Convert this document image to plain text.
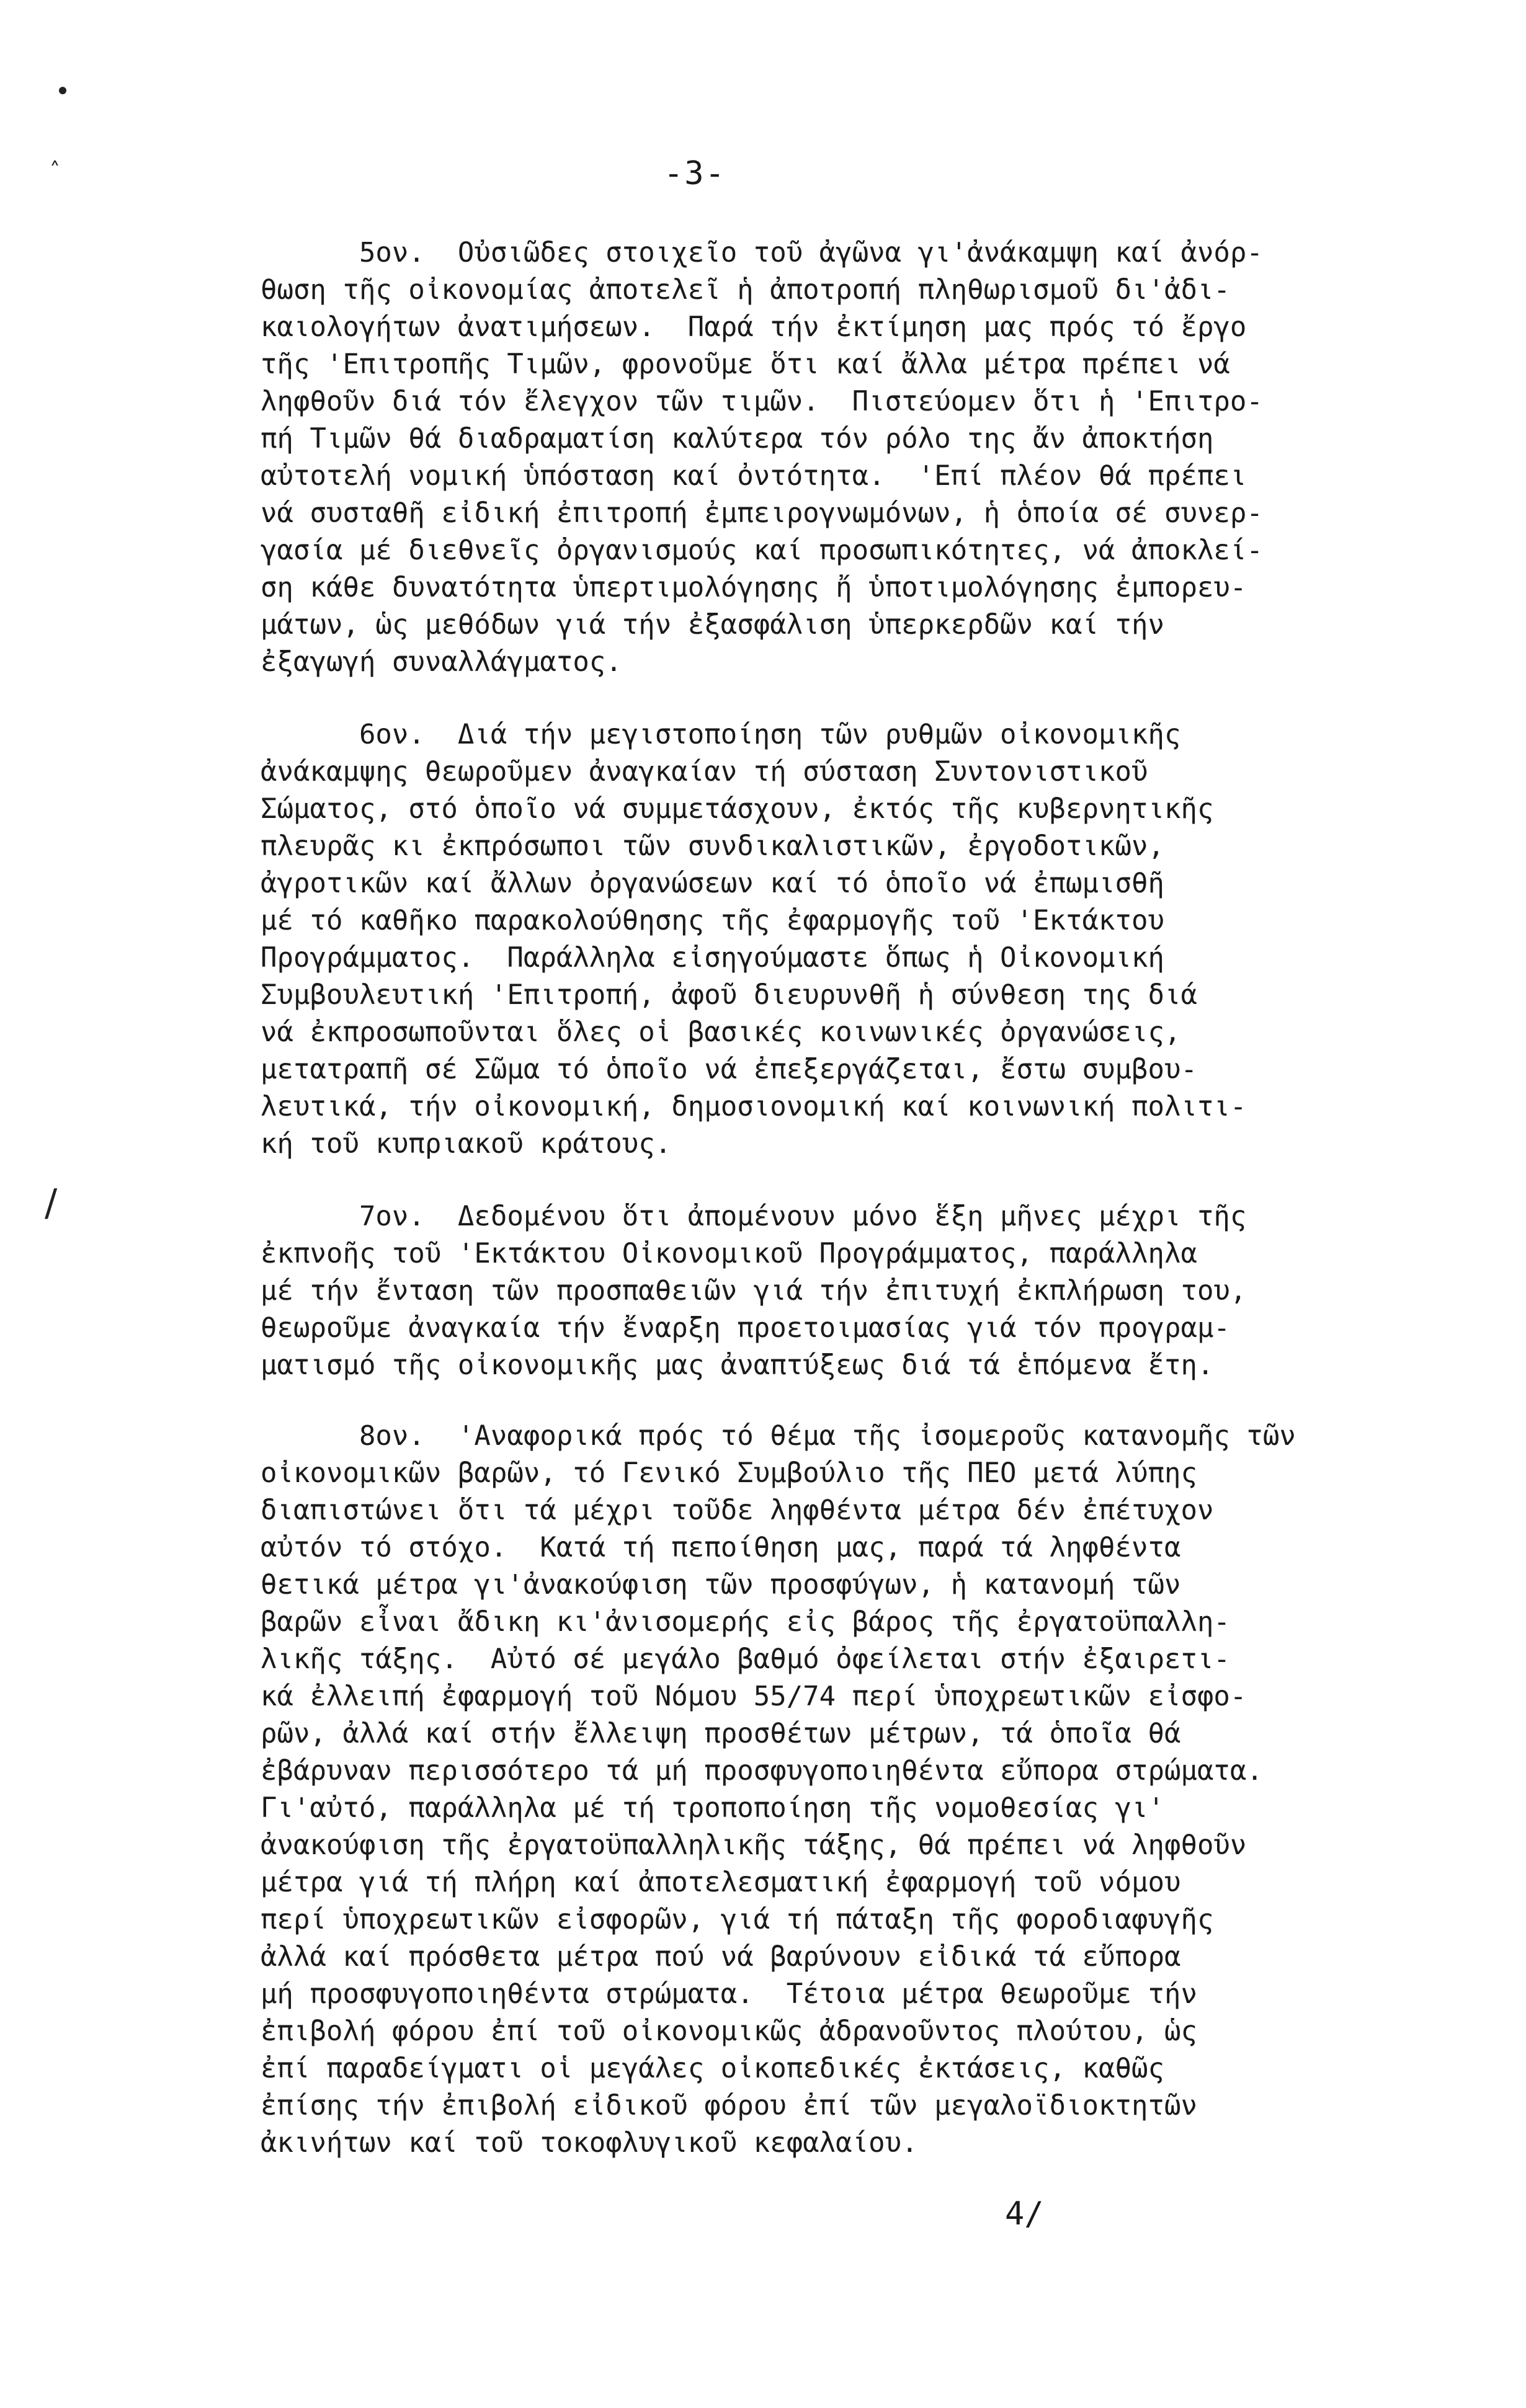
˄
/
-3-
5ον.  Οὐσιῶδες στοιχεῖο τοῦ ἀγῶνα γι'ἀνάκαμψη καί ἀνόρ-
θωση τῆς οἰκονομίας ἀποτελεῖ ἡ ἀποτροπή πληθωρισμοῦ δι'ἀδι-
καιολογήτων ἀνατιμήσεων.  Παρά τήν ἐκτίμηση μας πρός τό ἔργο
τῆς 'Επιτροπῆς Τιμῶν, φρονοῦμε ὅτι καί ἄλλα μέτρα πρέπει νά
ληφθοῦν διά τόν ἔλεγχον τῶν τιμῶν.  Πιστεύομεν ὅτι ἡ 'Επιτρο-
πή Τιμῶν θά διαδραματίση καλύτερα τόν ρόλο της ἄν ἀποκτήση
αὐτοτελή νομική ὑπόσταση καί ὀντότητα.  'Επί πλέον θά πρέπει
νά συσταθῆ εἰδική ἐπιτροπή ἐμπειρογνωμόνων, ἡ ὁποία σέ συνερ-
γασία μέ διεθνεῖς ὀργανισμούς καί προσωπικότητες, νά ἀποκλεί-
ση κάθε δυνατότητα ὑπερτιμολόγησης ἤ ὑποτιμολόγησης ἐμπορευ-
μάτων, ὡς μεθόδων γιά τήν ἐξασφάλιση ὑπερκερδῶν καί τήν
ἐξαγωγή συναλλάγματος.
6ον.  Διά τήν μεγιστοποίηση τῶν ρυθμῶν οἰκονομικῆς
ἀνάκαμψης θεωροῦμεν ἀναγκαίαν τή σύσταση Συντονιστικοῦ
Σώματος, στό ὁποῖο νά συμμετάσχουν, ἐκτός τῆς κυβερνητικῆς
πλευρᾶς κι ἐκπρόσωποι τῶν συνδικαλιστικῶν, ἐργοδοτικῶν,
ἀγροτικῶν καί ἄλλων ὀργανώσεων καί τό ὁποῖο νά ἐπωμισθῆ
μέ τό καθῆκο παρακολούθησης τῆς ἐφαρμογῆς τοῦ 'Εκτάκτου
Προγράμματος.  Παράλληλα εἰσηγούμαστε ὅπως ἡ Οἰκονομική
Συμβουλευτική 'Επιτροπή, ἀφοῦ διευρυνθῆ ἡ σύνθεση της διά
νά ἐκπροσωποῦνται ὅλες οἱ βασικές κοινωνικές ὀργανώσεις,
μετατραπῆ σέ Σῶμα τό ὁποῖο νά ἐπεξεργάζεται, ἔστω συμβου-
λευτικά, τήν οἰκονομική, δημοσιονομική καί κοινωνική πολιτι-
κή τοῦ κυπριακοῦ κράτους.
7ον.  Δεδομένου ὅτι ἀπομένουν μόνο ἕξη μῆνες μέχρι τῆς
ἐκπνοῆς τοῦ 'Εκτάκτου Οἰκονομικοῦ Προγράμματος, παράλληλα
μέ τήν ἔνταση τῶν προσπαθειῶν γιά τήν ἐπιτυχή ἐκπλήρωση του,
θεωροῦμε ἀναγκαία τήν ἔναρξη προετοιμασίας γιά τόν προγραμ-
ματισμό τῆς οἰκονομικῆς μας ἀναπτύξεως διά τά ἑπόμενα ἔτη.
8ον.  'Αναφορικά πρός τό θέμα τῆς ἰσομεροῦς κατανομῆς τῶν
οἰκονομικῶν βαρῶν, τό Γενικό Συμβούλιο τῆς ΠΕΟ μετά λύπης
διαπιστώνει ὅτι τά μέχρι τοῦδε ληφθέντα μέτρα δέν ἐπέτυχον
αὐτόν τό στόχο.  Κατά τή πεποίθηση μας, παρά τά ληφθέντα
θετικά μέτρα γι'ἀνακούφιση τῶν προσφύγων, ἡ κατανομή τῶν
βαρῶν εἶναι ἄδικη κι'ἀνισομερής εἰς βάρος τῆς ἐργατοϋπαλλη-
λικῆς τάξης.  Αὐτό σέ μεγάλο βαθμό ὀφείλεται στήν ἐξαιρετι-
κά ἐλλειπή ἐφαρμογή τοῦ Νόμου 55/74 περί ὑποχρεωτικῶν εἰσφο-
ρῶν, ἀλλά καί στήν ἔλλειψη προσθέτων μέτρων, τά ὁποῖα θά
ἐβάρυναν περισσότερο τά μή προσφυγοποιηθέντα εὔπορα στρώματα.
Γι'αὐτό, παράλληλα μέ τή τροποποίηση τῆς νομοθεσίας γι'
ἀνακούφιση τῆς ἐργατοϋπαλληλικῆς τάξης, θά πρέπει νά ληφθοῦν
μέτρα γιά τή πλήρη καί ἀποτελεσματική ἐφαρμογή τοῦ νόμου
περί ὑποχρεωτικῶν εἰσφορῶν, γιά τή πάταξη τῆς φοροδιαφυγῆς
ἀλλά καί πρόσθετα μέτρα πού νά βαρύνουν εἰδικά τά εὔπορα
μή προσφυγοποιηθέντα στρώματα.  Τέτοια μέτρα θεωροῦμε τήν
ἐπιβολή φόρου ἐπί τοῦ οἰκονομικῶς ἀδρανοῦντος πλούτου, ὡς
ἐπί παραδείγματι οἱ μεγάλες οἰκοπεδικές ἐκτάσεις, καθῶς
ἐπίσης τήν ἐπιβολή εἰδικοῦ φόρου ἐπί τῶν μεγαλοϊδιοκτητῶν
ἀκινήτων καί τοῦ τοκοφλυγικοῦ κεφαλαίου.
4/
